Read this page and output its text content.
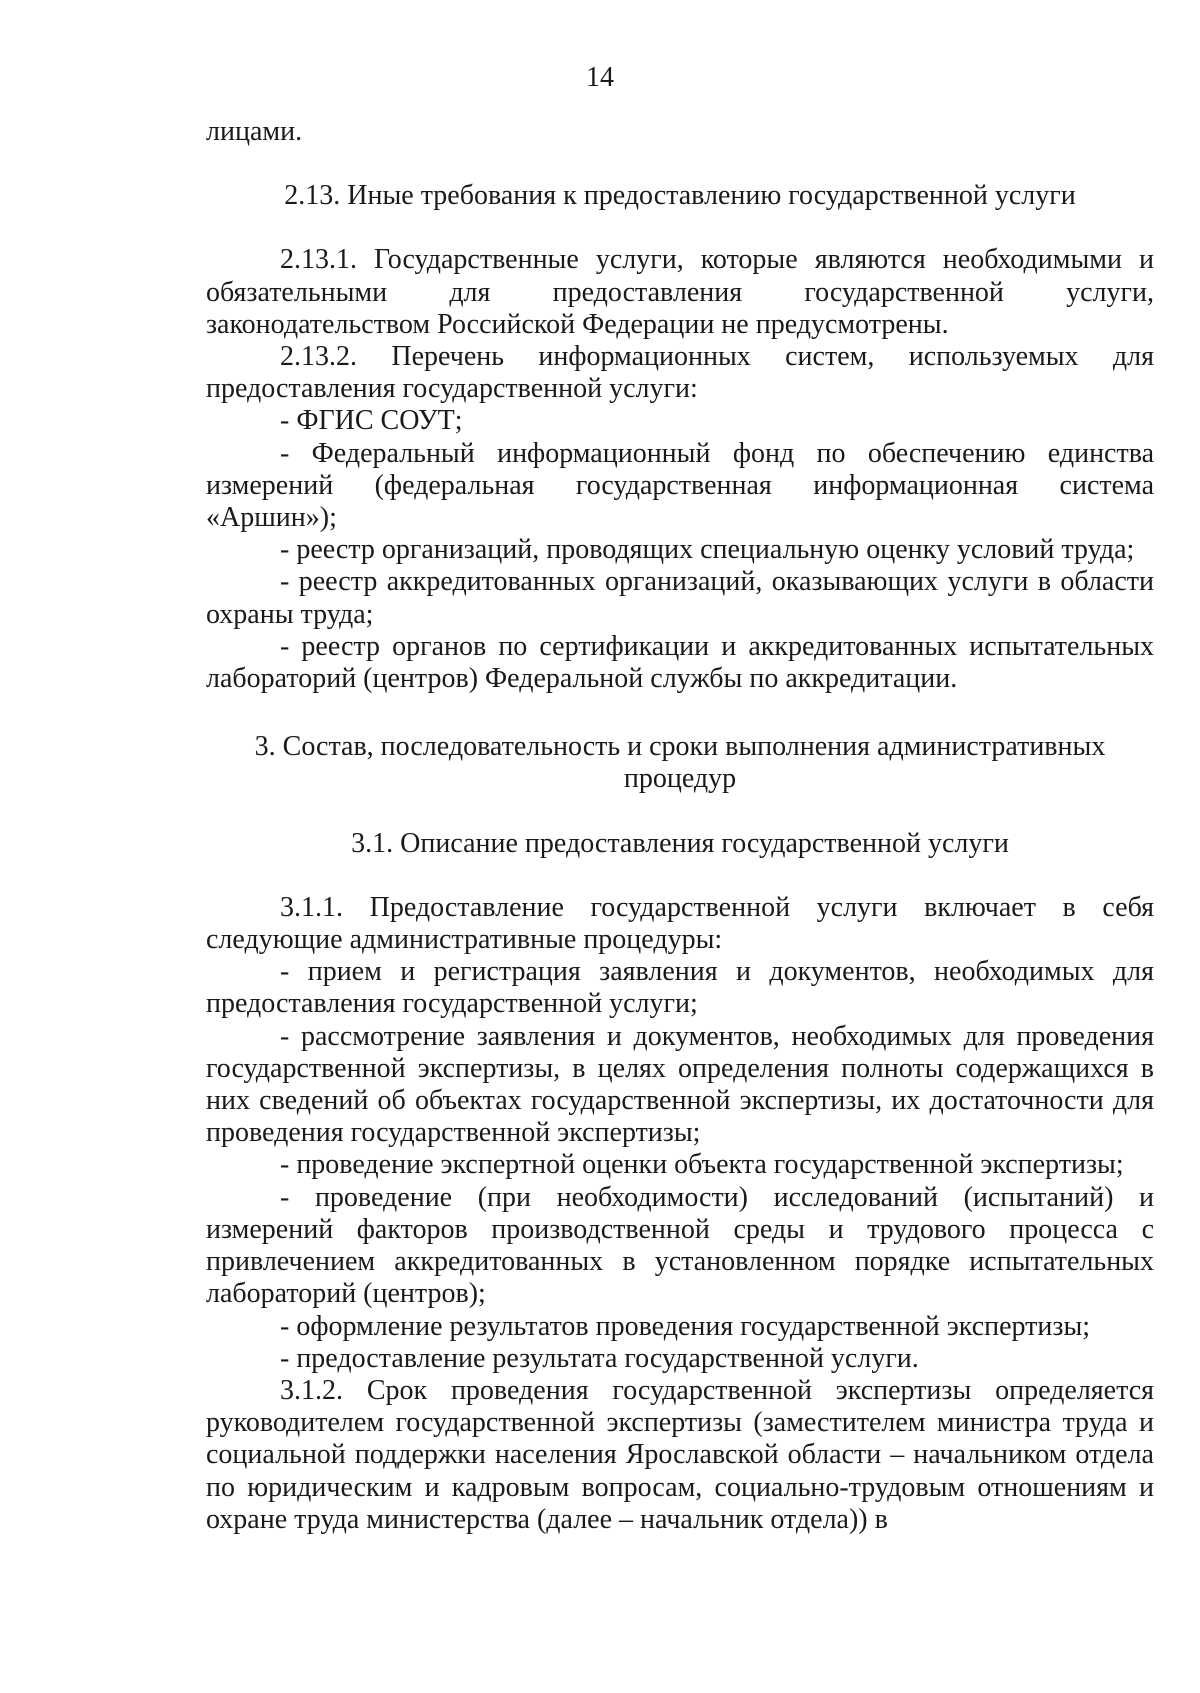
14

лицами.

2.13. Иные требования к предоставлению государственной услуги

2.13.1. Государственные услуги, которые являются необходимыми и обязательными для предоставления государственной услуги, законодательством Российской Федерации не предусмотрены.

2.13.2. Перечень информационных систем, используемых для предоставления государственной услуги:

- ФГИС СОУТ;

- Федеральный информационный фонд по обеспечению единства измерений (федеральная государственная информационная система «Аршин»);

- реестр организаций, проводящих специальную оценку условий труда;

- реестр аккредитованных организаций, оказывающих услуги в области охраны труда;

- реестр органов по сертификации и аккредитованных испытательных лабораторий (центров) Федеральной службы по аккредитации.

3. Состав, последовательность и сроки выполнения административных процедур

3.1. Описание предоставления государственной услуги

3.1.1. Предоставление государственной услуги включает в себя следующие административные процедуры:

- прием и регистрация заявления и документов, необходимых для предоставления государственной услуги;

- рассмотрение заявления и документов, необходимых для проведения государственной экспертизы, в целях определения полноты содержащихся в них сведений об объектах государственной экспертизы, их достаточности для проведения государственной экспертизы;

- проведение экспертной оценки объекта государственной экспертизы;

- проведение (при необходимости) исследований (испытаний) и измерений факторов производственной среды и трудового процесса с привлечением аккредитованных в установленном порядке испытательных лабораторий (центров);

- оформление результатов проведения государственной экспертизы;

- предоставление результата государственной услуги.

3.1.2. Срок проведения государственной экспертизы определяется руководителем государственной экспертизы (заместителем министра труда и социальной поддержки населения Ярославской области – начальником отдела по юридическим и кадровым вопросам, социально-трудовым отношениям и охране труда министерства (далее – начальник отдела)) в
